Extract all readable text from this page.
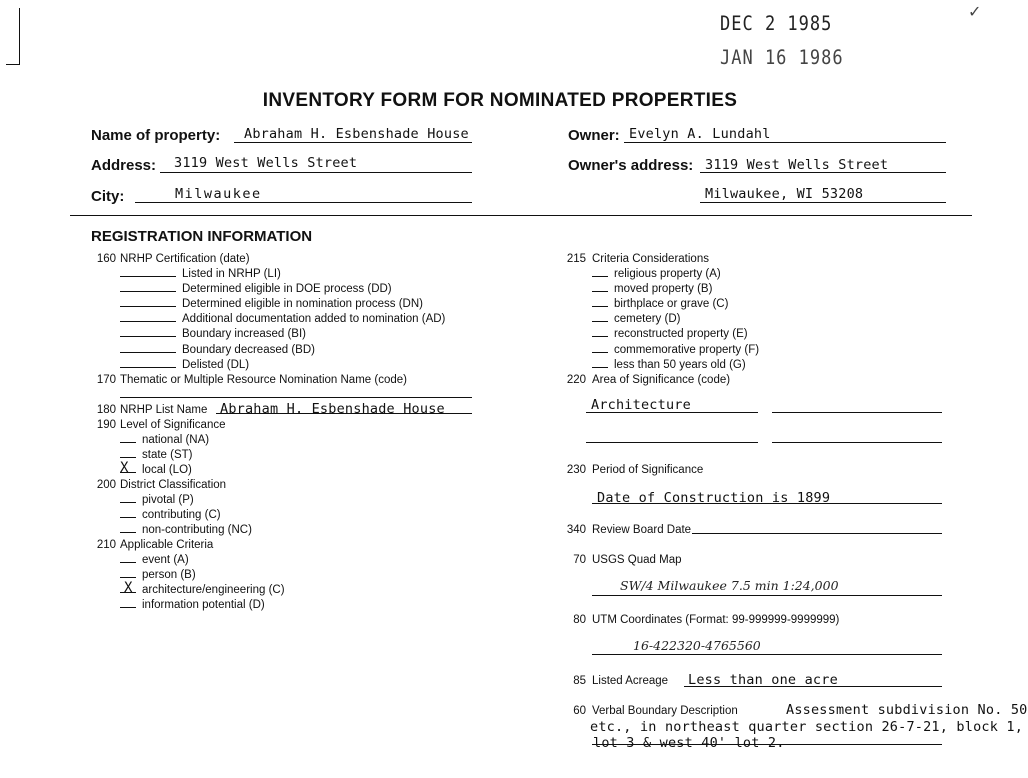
✓
DEC 2 1985
JAN 16 1986
INVENTORY FORM FOR NOMINATED PROPERTIES
Name of property: Abraham H. Esbenshade House
Address: 3119 West Wells Street
City:	Milwaukee
Owner: Evelyn A. Lundahl
Owner's address: 3119 West Wells Street
Milwaukee, WI 53208
REGISTRATION INFORMATION
160 NRHP Certification (date)
Listed in NRHP (LI)
Determined eligible in DOE process (DD)
Determined eligible in nomination process (DN)
Additional documentation added to nomination (AD)
Boundary increased (BI)
Boundary decreased (BD)
Delisted (DL)
170 Thematic or Multiple Resource Nomination Name (code)
180 NRHP List Name Abraham H. Esbenshade House
190 Level of Significance
national (NA)
state (ST)
local (LO)
X
200 District Classification
pivotal (P)
contributing (C)
non-contributing (NC)
210 Applicable Criteria
event (A)
person (B)
architecture/engineering (C)
X
information potential (D)
215 Criteria Considerations
religious property (A)
moved property (B)
birthplace or grave (C)
cemetery (D)
reconstructed property (E)
commemorative property (F)
less than 50 years old (G)
220 Area of Significance (code)
Architecture
230 Period of Significance
Date of Construction is 1899
340 Review Board Date
70 USGS Quad Map
SW/4 Milwaukee 7.5 min 1:24,000
80 UTM Coordinates (Format: 99-999999-9999999)
16-422320-4765560
85 Listed Acreage Less than one acre
60 Verbal Boundary Description	Assessment subdivision No. 50
etc., in northeast quarter section 26-7-21, block 1,
lot 3 & west 40' lot 2.
